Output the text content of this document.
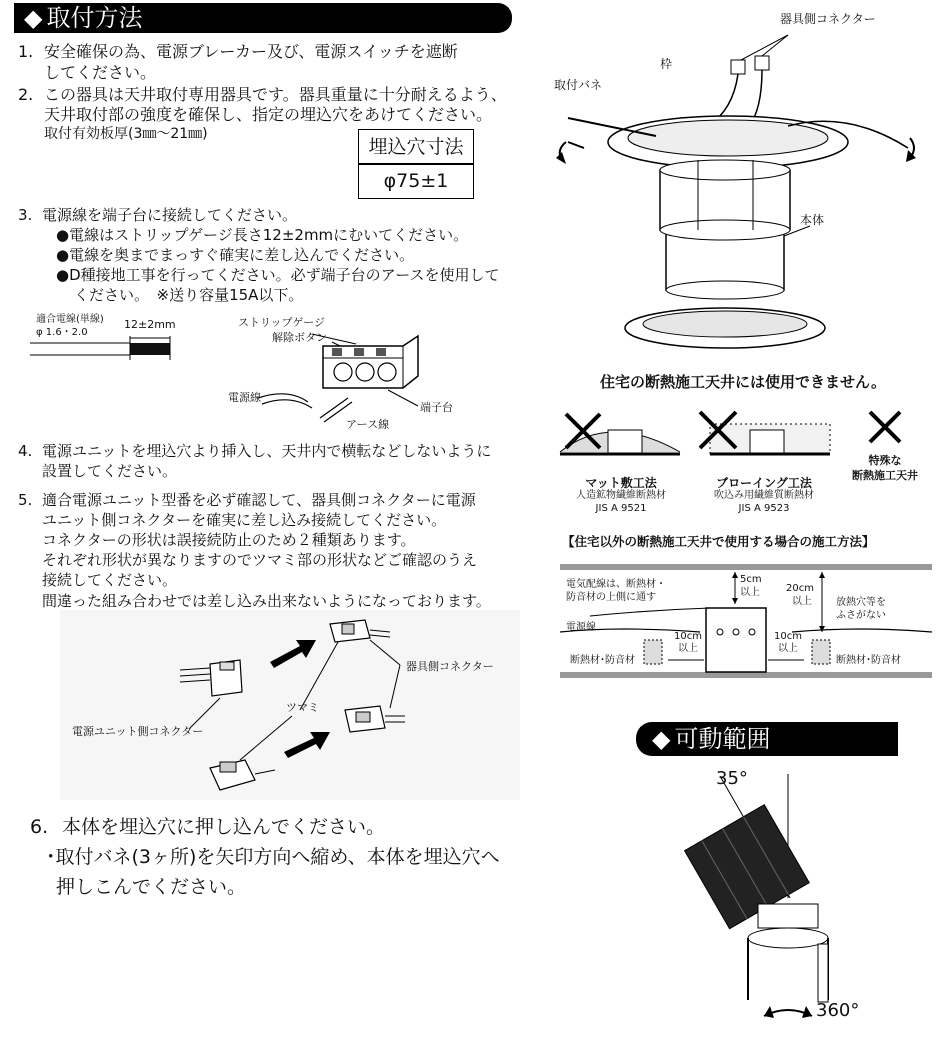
◆ 取付方法
1. 安全確保の為、電源ブレーカー及び、電源スイッチを遮断
してください。
2. この器具は天井取付専用器具です。器具重量に十分耐えるよう、
天井取付部の強度を確保し、指定の埋込穴をあけてください。
取付有効板厚(3㎜～21㎜)
埋込穴寸法
φ75±1
3. 電源線を端子台に接続してください。
●電線はストリップゲージ長さ12±2mmにむいてください。
●電線を奥までまっすぐ確実に差し込んでください。
●D種接地工事を行ってください。必ず端子台のアースを使用して
ください。　※送り容量15A以下。
適合電線(単線)
φ 1.6・2.0
12±2mm	ストリップゲージ
解除ボタン
電源線
端子台
アース線
4. 電源ユニットを埋込穴より挿入し、天井内で横転などしないように
設置してください。
5. 適合電源ユニット型番を必ず確認して、器具側コネクターに電源
ユニット側コネクターを確実に差し込み接続してください。
コネクターの形状は誤接続防止のため２種類あります。
それぞれ形状が異なりますのでツマミ部の形状などご確認のうえ
接続してください。
間違った組み合わせでは差し込み出来ないようになっております。
器具側コネクター
ツマミ
電源ユニット側コネクター
6. 本体を埋込穴に押し込んでください。
･取付バネ(3ヶ所)を矢印方向へ縮め、本体を埋込穴へ
押しこんでください。
器具側コネクター
枠
取付バネ
本体
住宅の断熱施工天井には使用できません。
マット敷工法
人造鉱物繊維断熱材
JIS A 9521
ブローイング工法
吹込み用繊維質断熱材
JIS A 9523
特殊な
断熱施工天井
【住宅以外の断熱施工天井で使用する場合の施工方法】
電気配線は、断熱材・
防音材の上側に通す
5cm
以上	20cm
以上 放熱穴等を
ふさがない
電源線
10cm
以上
10cm
以上
断熱材･防音材	断熱材･防音材
◆ 可動範囲
35°
360°
